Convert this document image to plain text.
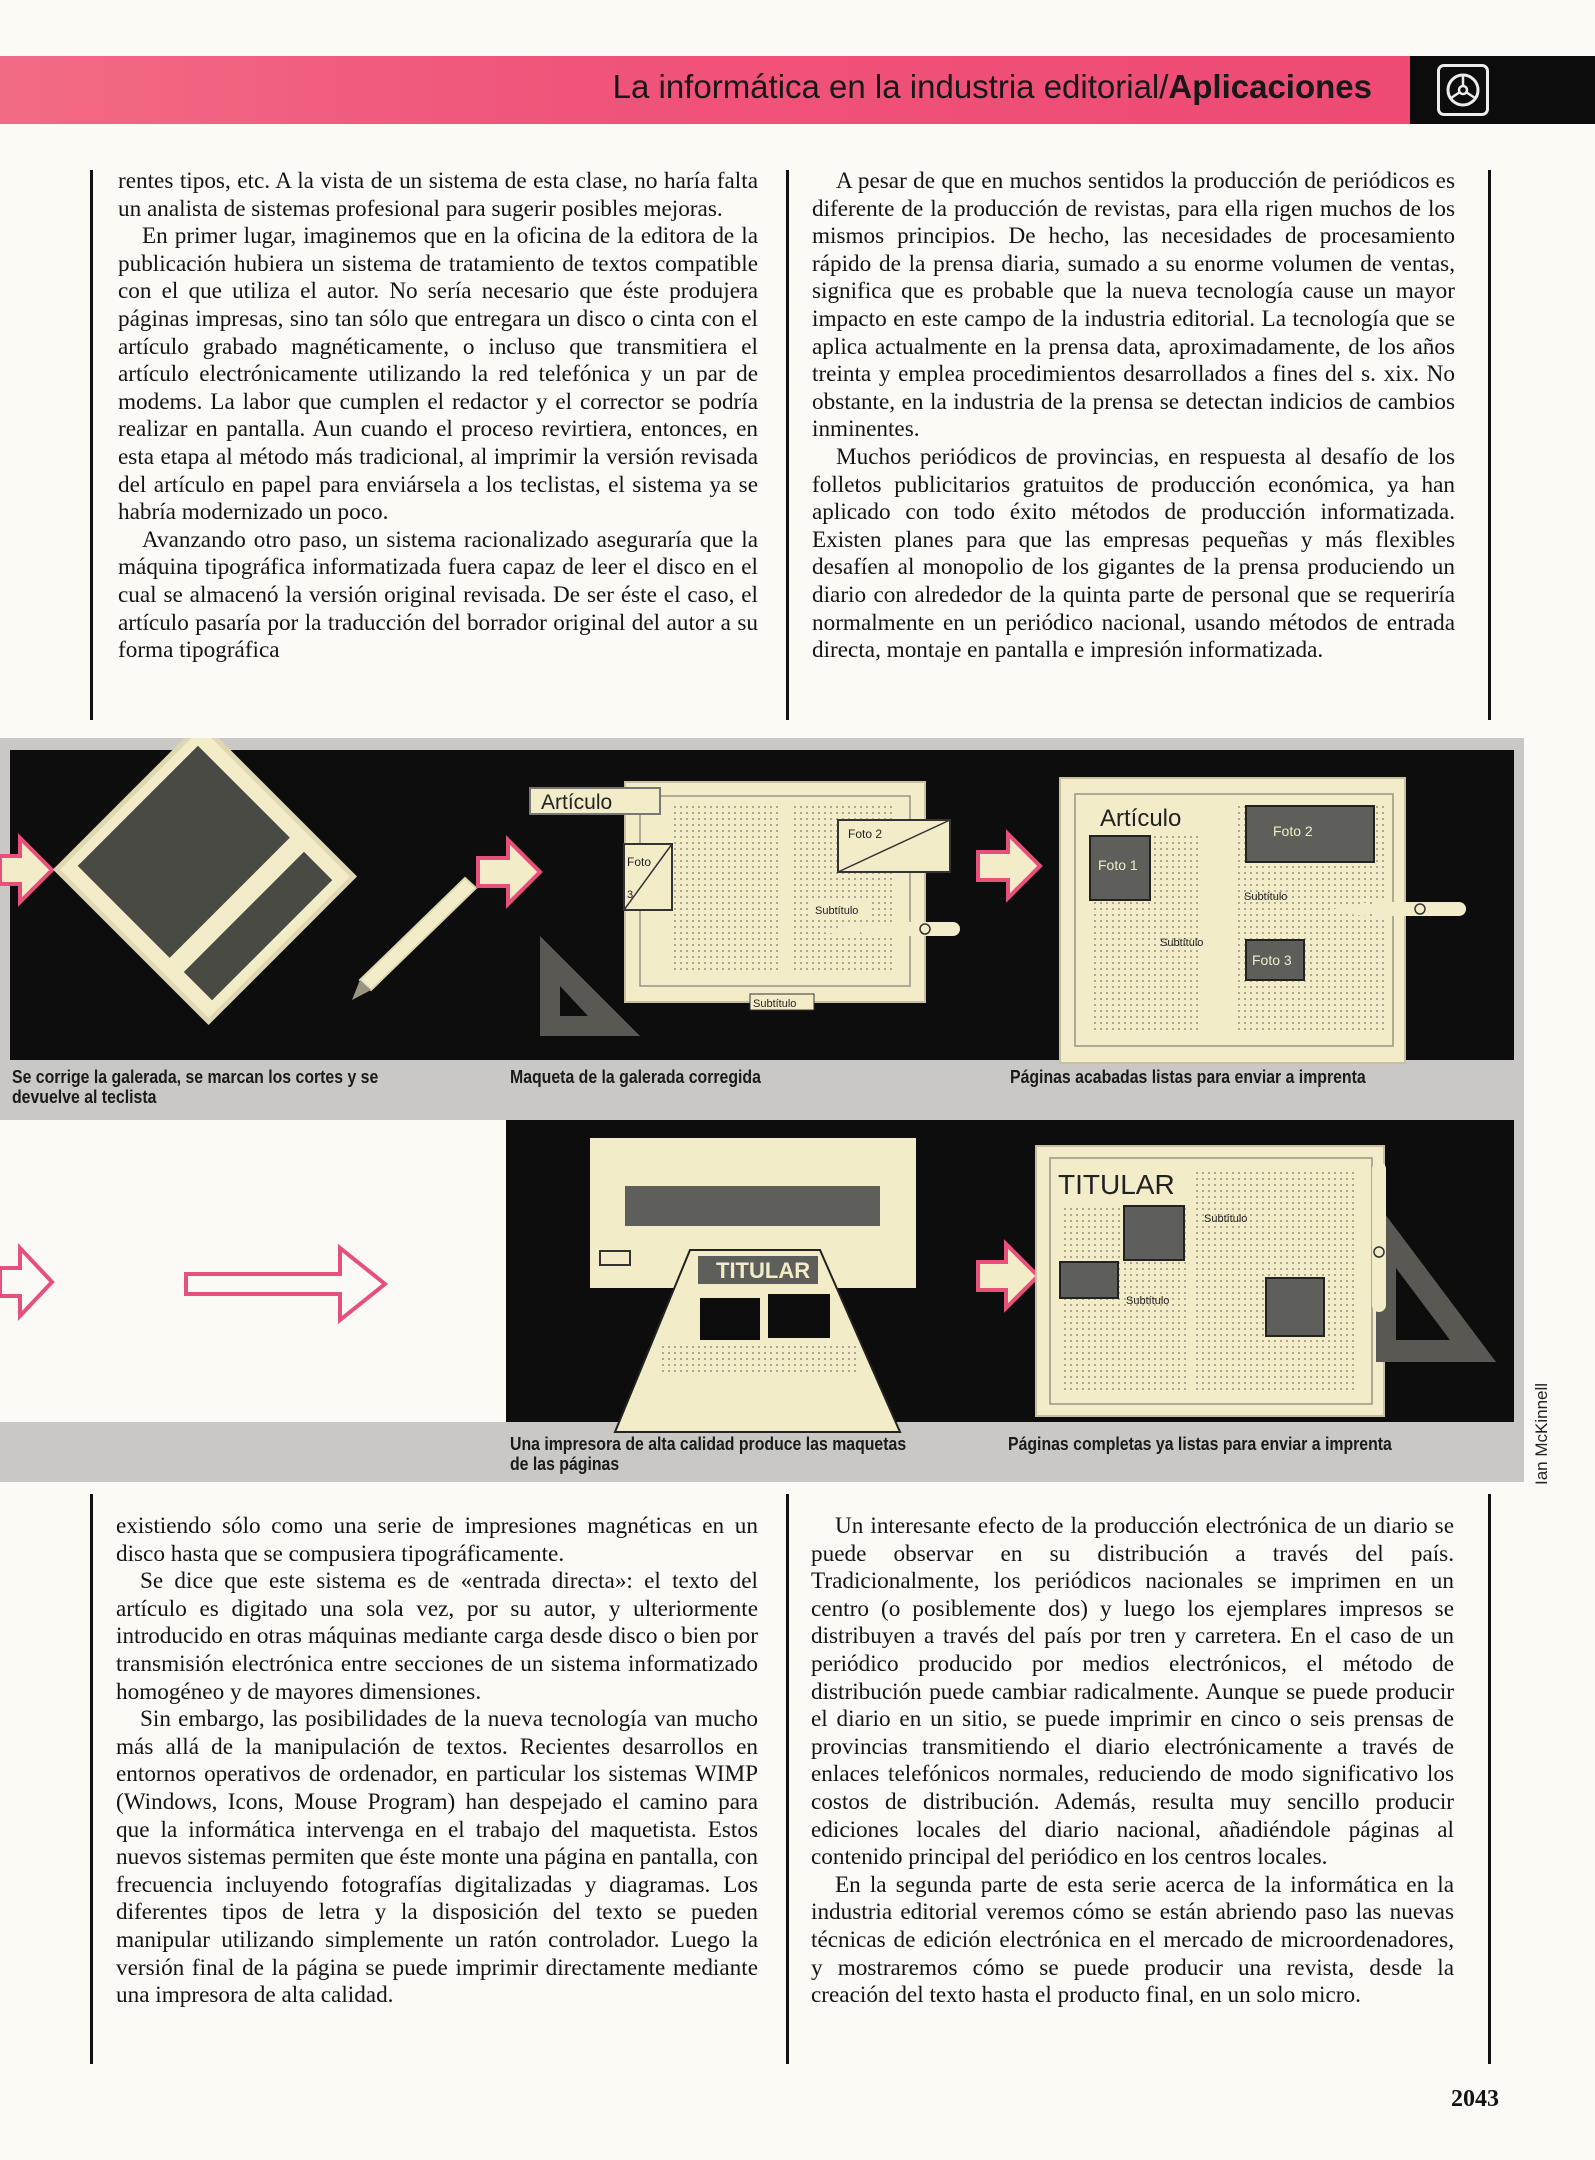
La informática en la industria editorial/Aplicaciones

rentes tipos, etc. A la vista de un sistema de esta clase, no haría falta un analista de sistemas profesional para sugerir posibles mejoras.

En primer lugar, imaginemos que en la oficina de la editora de la publicación hubiera un sistema de tratamiento de textos compatible con el que utiliza el autor. No sería necesario que éste produjera páginas impresas, sino tan sólo que entregara un disco o cinta con el artículo grabado magnéticamente, o incluso que transmitiera el artículo electrónicamente utilizando la red telefónica y un par de modems. La labor que cumplen el redactor y el corrector se podría realizar en pantalla. Aun cuando el proceso revirtiera, entonces, en esta etapa al método más tradicional, al imprimir la versión revisada del artículo en papel para enviársela a los teclistas, el sistema ya se habría modernizado un poco.

Avanzando otro paso, un sistema racionalizado aseguraría que la máquina tipográfica informatizada fuera capaz de leer el disco en el cual se almacenó la versión original revisada. De ser éste el caso, el artículo pasaría por la traducción del borrador original del autor a su forma tipográfica

A pesar de que en muchos sentidos la producción de periódicos es diferente de la producción de revistas, para ella rigen muchos de los mismos principios. De hecho, las necesidades de procesamiento rápido de la prensa diaria, sumado a su enorme volumen de ventas, significa que es probable que la nueva tecnología cause un mayor impacto en este campo de la industria editorial. La tecnología que se aplica actualmente en la prensa data, aproximadamente, de los años treinta y emplea procedimientos desarrollados a fines del s. xix. No obstante, en la industria de la prensa se detectan indicios de cambios inminentes.

Muchos periódicos de provincias, en respuesta al desafío de los folletos publicitarios gratuitos de producción económica, ya han aplicado con todo éxito métodos de producción informatizada. Existen planes para que las empresas pequeñas y más flexibles desafíen al monopolio de los gigantes de la prensa produciendo un diario con alrededor de la quinta parte de personal que se requeriría normalmente en un periódico nacional, usando métodos de entrada directa, montaje en pantalla e impresión informatizada.

Artículo
Foto
3
Foto 2
Subtítulo
Subtítulo
Artículo
Foto 1
Foto 2
Subtítulo
Subtítulo
Foto 3
TITULAR
TITULAR
Subtítulo
Subtítulo
Se corrige la galerada, se marcan los cortes y se devuelve al teclista
Maqueta de la galerada corregida	Páginas acabadas listas para enviar a imprenta
Una impresora de alta calidad produce las maquetas de las páginas
Páginas completas ya listas para enviar a imprenta	Ian McKinnell

existiendo sólo como una serie de impresiones magnéticas en un disco hasta que se compusiera tipográficamente.

Se dice que este sistema es de «entrada directa»: el texto del artículo es digitado una sola vez, por su autor, y ulteriormente introducido en otras máquinas mediante carga desde disco o bien por transmisión electrónica entre secciones de un sistema informatizado homogéneo y de mayores dimensiones.

Sin embargo, las posibilidades de la nueva tecnología van mucho más allá de la manipulación de textos. Recientes desarrollos en entornos operativos de ordenador, en particular los sistemas WIMP (Windows, Icons, Mouse Program) han despejado el camino para que la informática intervenga en el trabajo del maquetista. Estos nuevos sistemas permiten que éste monte una página en pantalla, con frecuencia incluyendo fotografías digitalizadas y diagramas. Los diferentes tipos de letra y la disposición del texto se pueden manipular utilizando simplemente un ratón controlador. Luego la versión final de la página se puede imprimir directamente mediante una impresora de alta calidad.

Un interesante efecto de la producción electrónica de un diario se puede observar en su distribución a través del país. Tradicionalmente, los periódicos nacionales se imprimen en un centro (o posiblemente dos) y luego los ejemplares impresos se distribuyen a través del país por tren y carretera. En el caso de un periódico producido por medios electrónicos, el método de distribución puede cambiar radicalmente. Aunque se puede producir el diario en un sitio, se puede imprimir en cinco o seis prensas de provincias transmitiendo el diario electrónicamente a través de enlaces telefónicos normales, reduciendo de modo significativo los costos de distribución. Además, resulta muy sencillo producir ediciones locales del diario nacional, añadiéndole páginas al contenido principal del periódico en los centros locales.

En la segunda parte de esta serie acerca de la informática en la industria editorial veremos cómo se están abriendo paso las nuevas técnicas de edición electrónica en el mercado de microordenadores, y mostraremos cómo se puede producir una revista, desde la creación del texto hasta el producto final, en un solo micro.

2043
